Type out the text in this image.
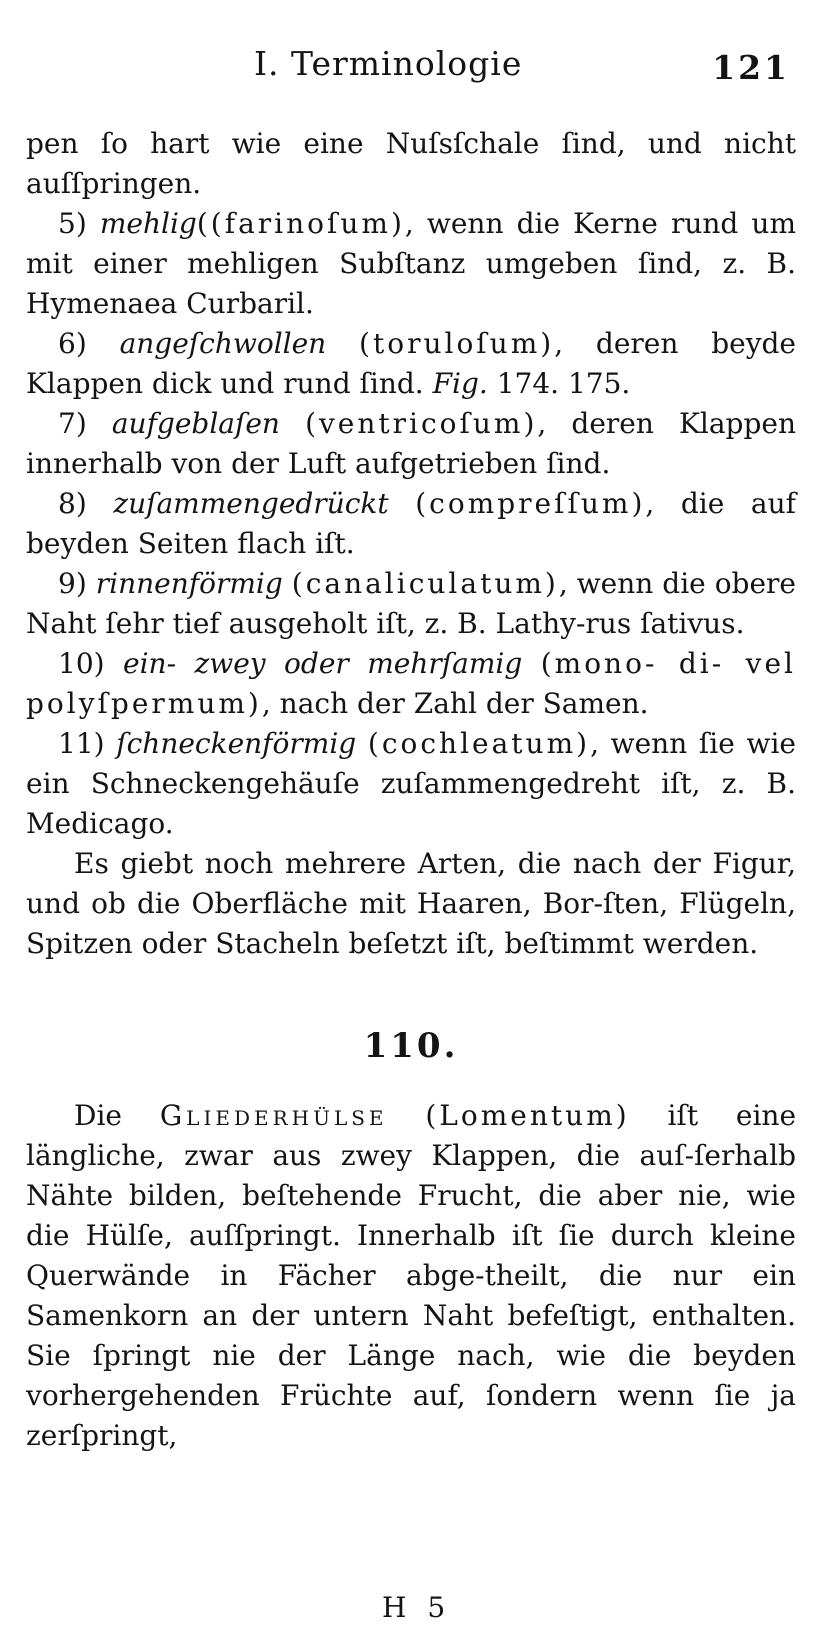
I. Terminologie	121

pen ſo hart wie eine Nuſsſchale ſind, und nicht auſſpringen.

5) mehlig((farinoſum), wenn die Kerne rund um mit einer mehligen Subſtanz umgeben ſind, z. B. Hymenaea Curbaril.

6) angeſchwollen (toruloſum), deren beyde Klappen dick und rund ſind. Fig. 174. 175.

7) aufgeblaſen (ventricoſum), deren Klappen innerhalb von der Luft aufgetrieben ſind.

8) zuſammengedrückt (compreſſum), die auf beyden Seiten flach iſt.

9) rinnenförmig (canaliculatum), wenn die obere Naht ſehr tief ausgeholt iſt, z. B. Lathy-rus ſativus.

10) ein- zwey oder mehrſamig (mono- di- vel polyſpermum), nach der Zahl der Samen.

11) ſchneckenförmig (cochleatum), wenn ſie wie ein Schneckengehäuſe zuſammengedreht iſt, z. B. Medicago.

Es giebt noch mehrere Arten, die nach der Figur, und ob die Oberfläche mit Haaren, Bor-ſten, Flügeln, Spitzen oder Stacheln beſetzt iſt, beſtimmt werden.

110.

Die Gliederhülse (Lomentum) iſt eine längliche, zwar aus zwey Klappen, die auſ-ſerhalb Nähte bilden, beſtehende Frucht, die aber nie, wie die Hülſe, auſſpringt. Innerhalb iſt ſie durch kleine Querwände in Fächer abge-theilt, die nur ein Samenkorn an der untern Naht befeſtigt, enthalten. Sie ſpringt nie der Länge nach, wie die beyden vorhergehenden Früchte auf, ſondern wenn ſie ja zerſpringt,

H 5
